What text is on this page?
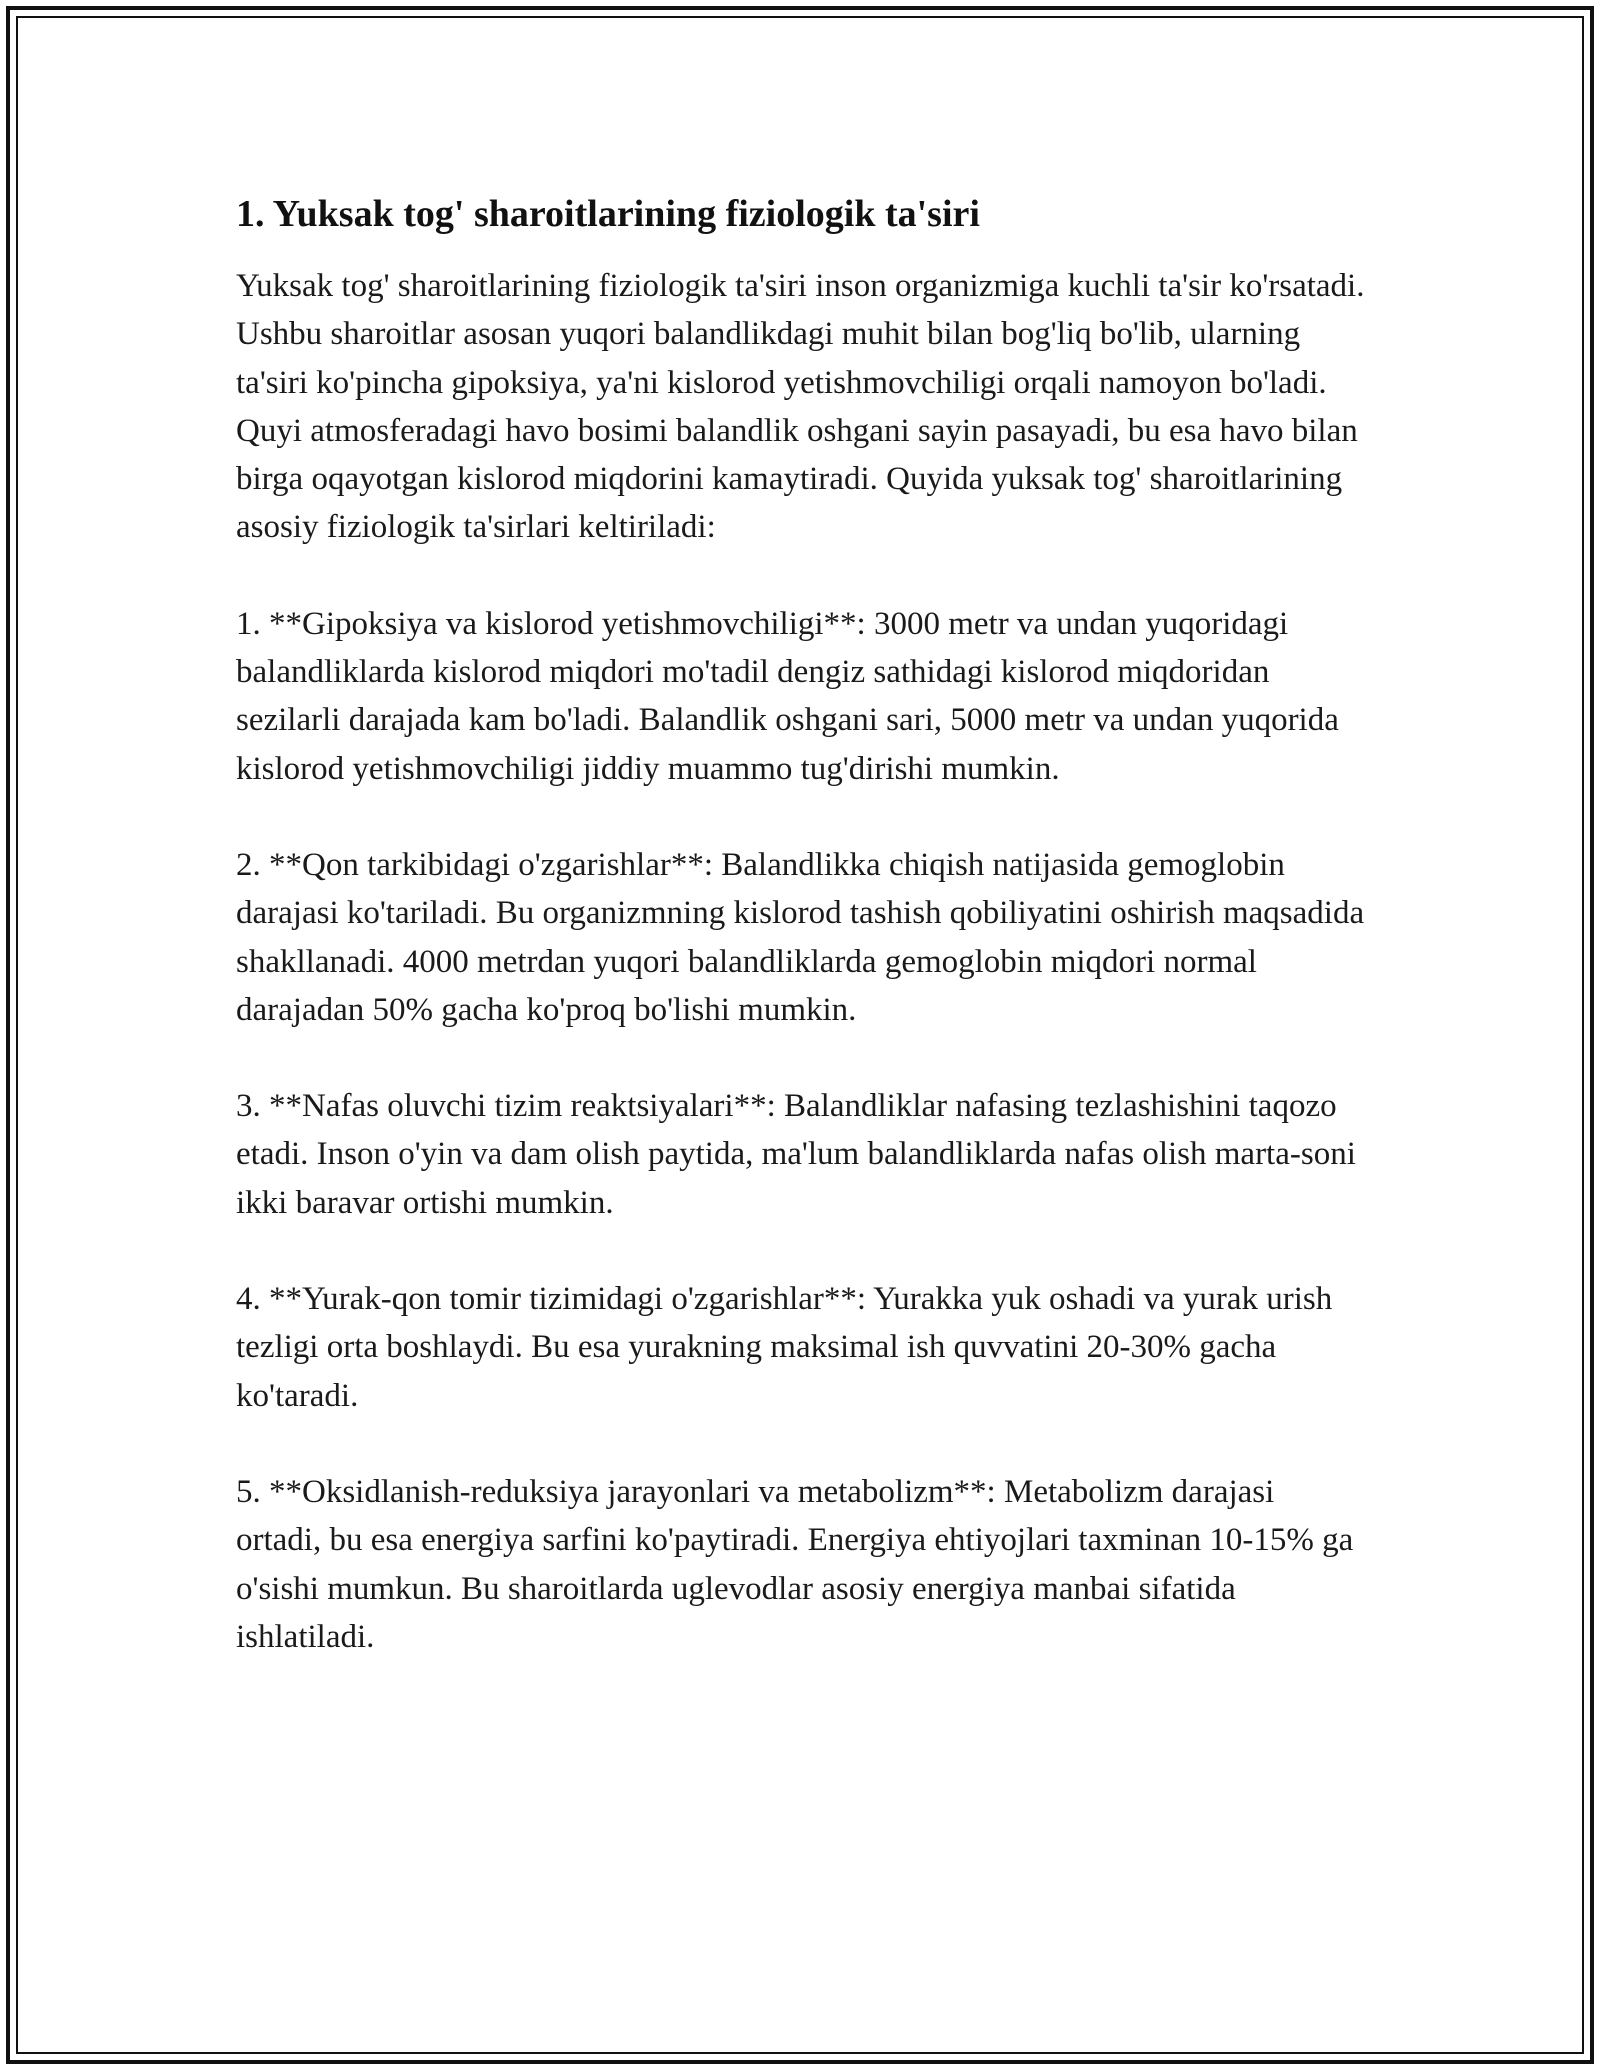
1. Yuksak tog' sharoitlarining fiziologik ta'siri

Yuksak tog' sharoitlarining fiziologik ta'siri inson organizmiga kuchli ta'sir ko'rsatadi. Ushbu sharoitlar asosan yuqori balandlikdagi muhit bilan bog'liq bo'lib, ularning ta'siri ko'pincha gipoksiya, ya'ni kislorod yetishmovchiligi orqali namoyon bo'ladi. Quyi atmosferadagi havo bosimi balandlik oshgani sayin pasayadi, bu esa havo bilan birga oqayotgan kislorod miqdorini kamaytiradi. Quyida yuksak tog' sharoitlarining asosiy fiziologik ta'sirlari keltiriladi:

1. **Gipoksiya va kislorod yetishmovchiligi**: 3000 metr va undan yuqoridagi balandliklarda kislorod miqdori mo'tadil dengiz sathidagi kislorod miqdoridan sezilarli darajada kam bo'ladi. Balandlik oshgani sari, 5000 metr va undan yuqorida kislorod yetishmovchiligi jiddiy muammo tug'dirishi mumkin.

2. **Qon tarkibidagi o'zgarishlar**: Balandlikka chiqish natijasida gemoglobin darajasi ko'tariladi. Bu organizmning kislorod tashish qobiliyatini oshirish maqsadida shakllanadi. 4000 metrdan yuqori balandliklarda gemoglobin miqdori normal darajadan 50% gacha ko'proq bo'lishi mumkin.

3. **Nafas oluvchi tizim reaktsiyalari**: Balandliklar nafasing tezlashishini taqozo etadi. Inson o'yin va dam olish paytida, ma'lum balandliklarda nafas olish marta-soni ikki baravar ortishi mumkin.

4. **Yurak-qon tomir tizimidagi o'zgarishlar**: Yurakka yuk oshadi va yurak urish tezligi orta boshlaydi. Bu esa yurakning maksimal ish quvvatini 20-30% gacha ko'taradi.

5. **Oksidlanish-reduksiya jarayonlari va metabolizm**: Metabolizm darajasi ortadi, bu esa energiya sarfini ko'paytiradi. Energiya ehtiyojlari taxminan 10-15% ga o'sishi mumkun. Bu sharoitlarda uglevodlar asosiy energiya manbai sifatida ishlatiladi.
